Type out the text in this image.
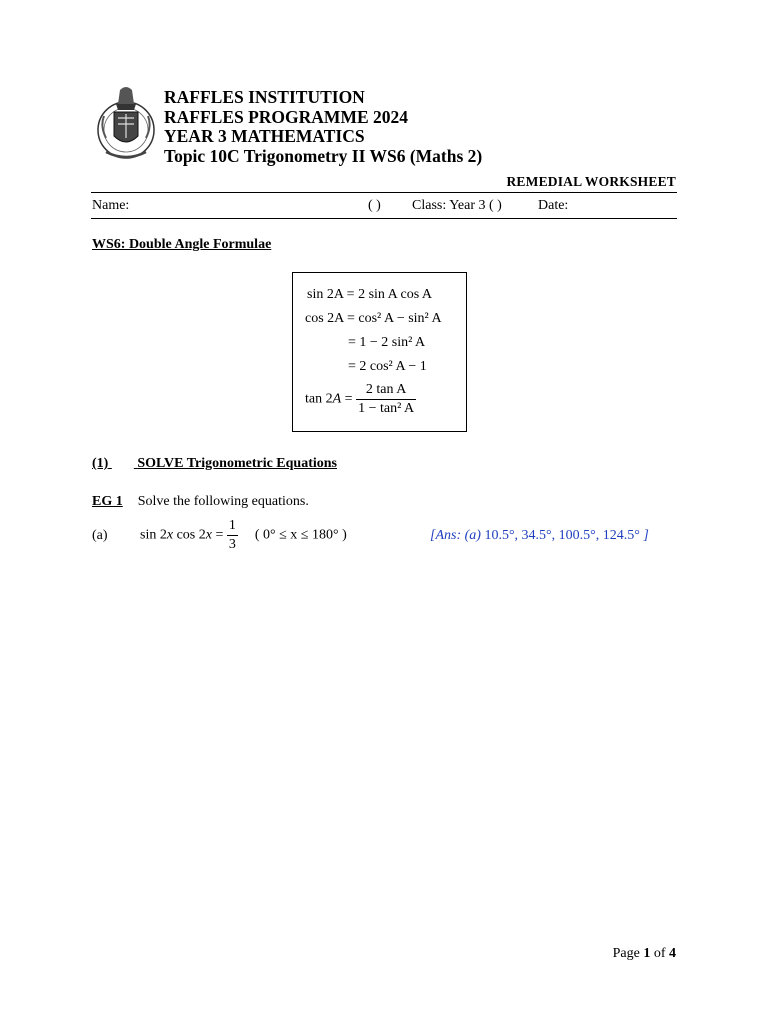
RAFFLES INSTITUTION
RAFFLES PROGRAMME 2024
YEAR 3 MATHEMATICS
Topic 10C Trigonometry II WS6 (Maths 2)
REMEDIAL WORKSHEET
Name:	( ) Class: Year 3 ( )	Date:
WS6: Double Angle Formulae
sin 2A = 2 sin A cos A
cos 2A = cos² A − sin² A
= 1 − 2 sin² A
= 2 cos² A − 1
$\tan 2A = \frac{\text{2 tan A}}{\text{1 − tan² A}}$
(1) SOLVE Trigonometric Equations
EG 1 Solve the following equations.
(a) sin 2x $\cos 2x = \frac{1}{3}$ ( 0° ≤ x ≤ 180° )	[Ans: (a) 10.5°, 34.5°, 100.5°, 124.5° ]
Page 1 of 4
